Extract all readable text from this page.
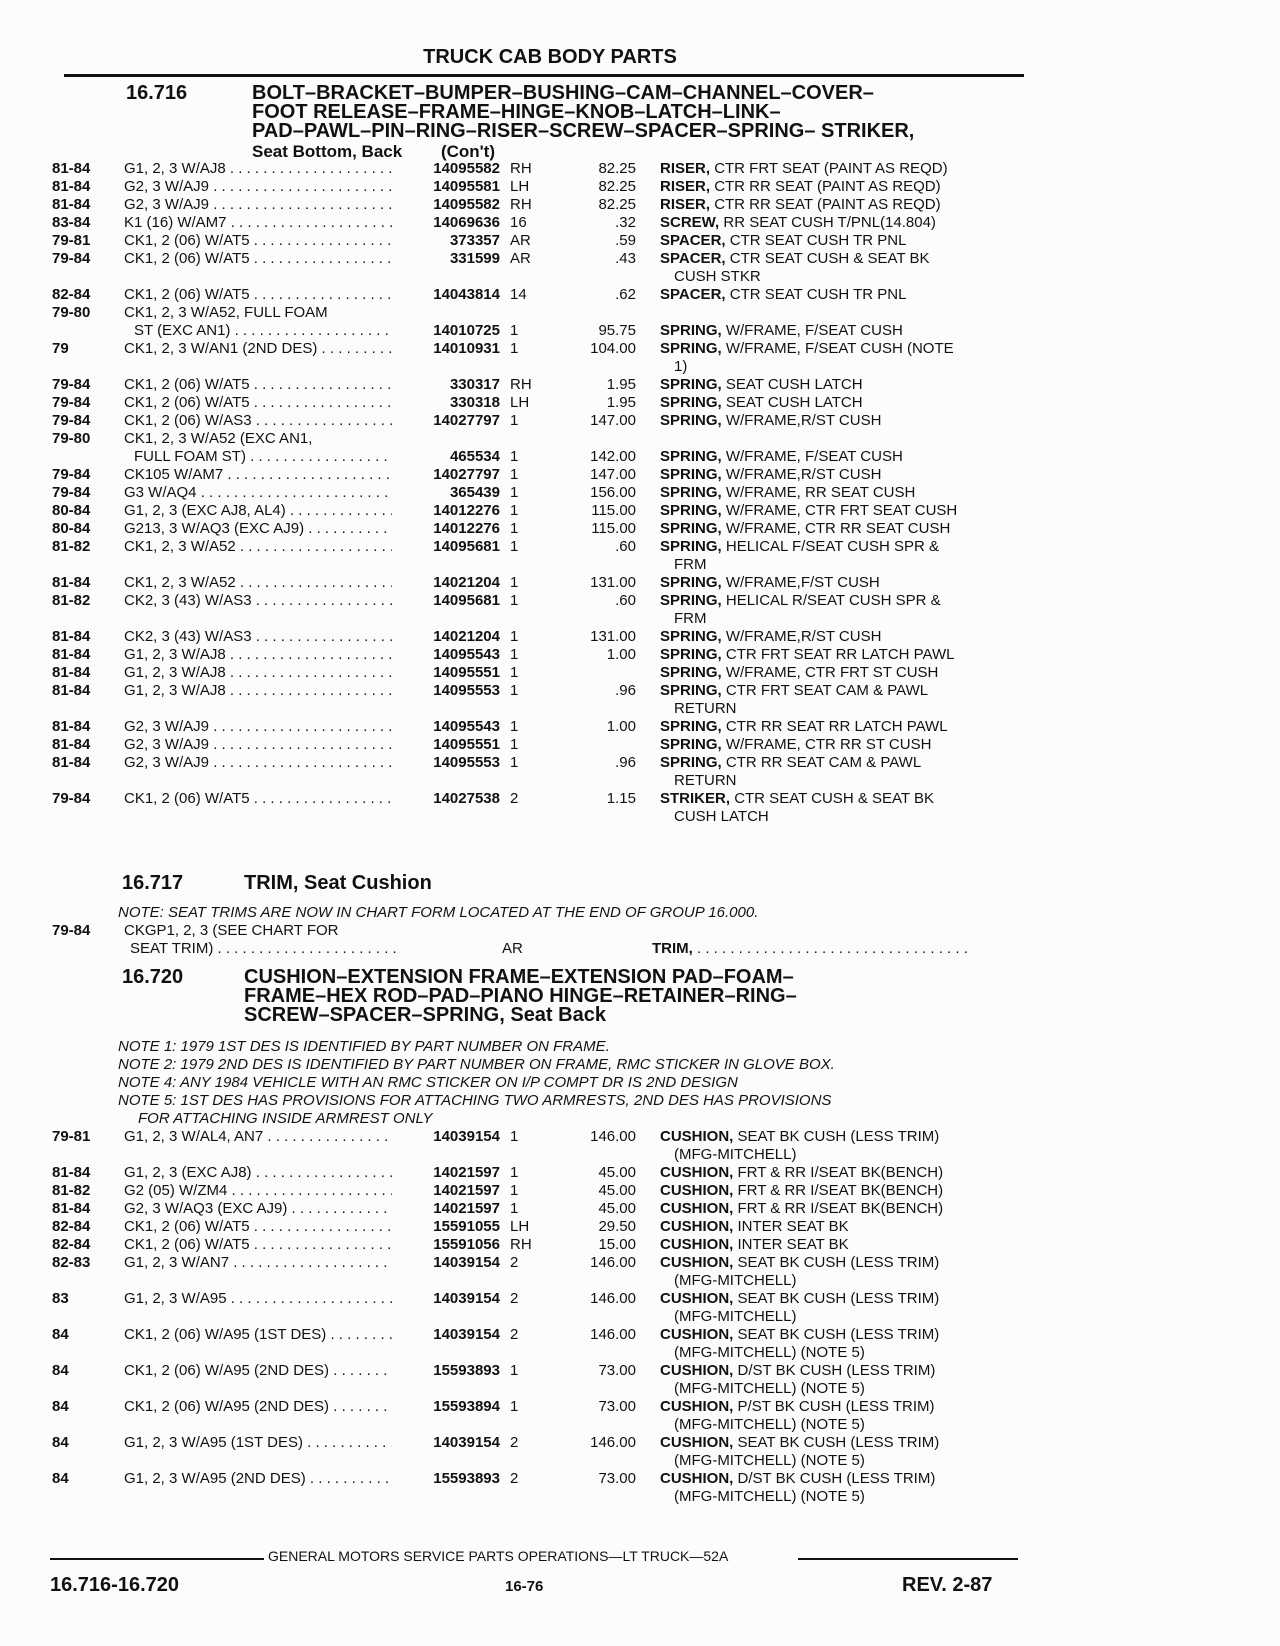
TRUCK CAB BODY PARTS
16.716	BOLT–BRACKET–BUMPER–BUSHING–CAM–CHANNEL–COVER–
FOOT RELEASE–FRAME–HINGE–KNOB–LATCH–LINK–
PAD–PAWL–PIN–RING–RISER–SCREW–SPACER–SPRING– STRIKER,
Seat Bottom, Back (Con't)
81-84	G1, 2, 3 W/AJ8 . . .	14095582 RH	82.25 RISER, CTR FRT SEAT (PAINT AS REQD)
81-84	G2, 3 W/AJ9 . . .	14095581 LH	82.25 RISER, CTR RR SEAT (PAINT AS REQD)
81-84	G2, 3 W/AJ9 . . .	14095582 RH	82.25 RISER, CTR RR SEAT (PAINT AS REQD)
83-84	K1 (16) W/AM7 . . .	14069636 16	.32 SCREW, RR SEAT CUSH T/PNL(14.804)
79-81	CK1, 2 (06) W/AT5 . . .	373357 AR	.59 SPACER, CTR SEAT CUSH TR PNL
79-84	CK1, 2 (06) W/AT5 . . .	331599 AR	.43 SPACER, CTR SEAT CUSH & SEAT BK
CUSH STKR
82-84	CK1, 2 (06) W/AT5 . . .	14043814 14	.62 SPACER, CTR SEAT CUSH TR PNL
79-80	CK1, 2, 3 W/A52, FULL FOAM
ST (EXC AN1) . . .	14010725 1	95.75 SPRING, W/FRAME, F/SEAT CUSH
79	CK1, 2, 3 W/AN1 (2ND DES) . . .	14010931 1	104.00 SPRING, W/FRAME, F/SEAT CUSH (NOTE
1)
79-84	CK1, 2 (06) W/AT5 . . .	330317 RH	1.95 SPRING, SEAT CUSH LATCH
79-84	CK1, 2 (06) W/AT5 . . .	330318 LH	1.95 SPRING, SEAT CUSH LATCH
79-84	CK1, 2 (06) W/AS3 . . .	14027797 1	147.00 SPRING, W/FRAME,R/ST CUSH
79-80	CK1, 2, 3 W/A52 (EXC AN1,
FULL FOAM ST) . . .	465534 1	142.00 SPRING, W/FRAME, F/SEAT CUSH
79-84	CK105 W/AM7 . . .	14027797 1	147.00 SPRING, W/FRAME,R/ST CUSH
79-84	G3 W/AQ4 . . .	365439 1	156.00 SPRING, W/FRAME, RR SEAT CUSH
80-84	G1, 2, 3 (EXC AJ8, AL4) . . .	14012276 1	115.00 SPRING, W/FRAME, CTR FRT SEAT CUSH
80-84	G213, 3 W/AQ3 (EXC AJ9) . . .	14012276 1	115.00 SPRING, W/FRAME, CTR RR SEAT CUSH
81-82	CK1, 2, 3 W/A52 . . .	14095681 1	.60 SPRING, HELICAL F/SEAT CUSH SPR &
FRM
81-84	CK1, 2, 3 W/A52 . . .	14021204 1	131.00 SPRING, W/FRAME,F/ST CUSH
81-82	CK2, 3 (43) W/AS3 . . .	14095681 1	.60 SPRING, HELICAL R/SEAT CUSH SPR &
FRM
81-84	CK2, 3 (43) W/AS3 . . .	14021204 1	131.00 SPRING, W/FRAME,R/ST CUSH
81-84	G1, 2, 3 W/AJ8 . . .	14095543 1	1.00 SPRING, CTR FRT SEAT RR LATCH PAWL
81-84	G1, 2, 3 W/AJ8 . . .	14095551 1	SPRING, W/FRAME, CTR FRT ST CUSH
81-84	G1, 2, 3 W/AJ8 . . .	14095553 1	.96 SPRING, CTR FRT SEAT CAM & PAWL
RETURN
81-84	G2, 3 W/AJ9 . . .	14095543 1	1.00 SPRING, CTR RR SEAT RR LATCH PAWL
81-84	G2, 3 W/AJ9 . . .	14095551 1	SPRING, W/FRAME, CTR RR ST CUSH
81-84	G2, 3 W/AJ9 . . .	14095553 1	.96 SPRING, CTR RR SEAT CAM & PAWL
RETURN
79-84	CK1, 2 (06) W/AT5 . . .	14027538 2	1.15 STRIKER, CTR SEAT CUSH & SEAT BK
CUSH LATCH
16.717	TRIM, Seat Cushion
NOTE: SEAT TRIMS ARE NOW IN CHART FORM LOCATED AT THE END OF GROUP 16.000.
79-84	CKGP1, 2, 3 (SEE CHART FOR
SEAT TRIM) . . .	AR	TRIM, . . . . . . . . . . . . . . . . . . . . . . . . . . . . . . . . .
16.720	CUSHION–EXTENSION FRAME–EXTENSION PAD–FOAM–
FRAME–HEX ROD–PAD–PIANO HINGE–RETAINER–RING–
SCREW–SPACER–SPRING, Seat Back
NOTE 1: 1979 1ST DES IS IDENTIFIED BY PART NUMBER ON FRAME.
NOTE 2: 1979 2ND DES IS IDENTIFIED BY PART NUMBER ON FRAME, RMC STICKER IN GLOVE BOX.
NOTE 4: ANY 1984 VEHICLE WITH AN RMC STICKER ON I/P COMPT DR IS 2ND DESIGN
NOTE 5: 1ST DES HAS PROVISIONS FOR ATTACHING TWO ARMRESTS, 2ND DES HAS PROVISIONS
FOR ATTACHING INSIDE ARMREST ONLY
79-81	G1, 2, 3 W/AL4, AN7 . . .	14039154 1	146.00 CUSHION, SEAT BK CUSH (LESS TRIM)
(MFG-MITCHELL)
81-84	G1, 2, 3 (EXC AJ8) . . .	14021597 1	45.00 CUSHION, FRT & RR I/SEAT BK(BENCH)
81-82	G2 (05) W/ZM4 . . .	14021597 1	45.00 CUSHION, FRT & RR I/SEAT BK(BENCH)
81-84	G2, 3 W/AQ3 (EXC AJ9) . . .	14021597 1	45.00 CUSHION, FRT & RR I/SEAT BK(BENCH)
82-84	CK1, 2 (06) W/AT5 . . .	15591055 LH	29.50 CUSHION, INTER SEAT BK
82-84	CK1, 2 (06) W/AT5 . . .	15591056 RH	15.00 CUSHION, INTER SEAT BK
82-83	G1, 2, 3 W/AN7 . . .	14039154 2	146.00 CUSHION, SEAT BK CUSH (LESS TRIM)
(MFG-MITCHELL)
83	G1, 2, 3 W/A95 . . .	14039154 2	146.00 CUSHION, SEAT BK CUSH (LESS TRIM)
(MFG-MITCHELL)
84	CK1, 2 (06) W/A95 (1ST DES) . . .	14039154 2	146.00 CUSHION, SEAT BK CUSH (LESS TRIM)
(MFG-MITCHELL) (NOTE 5)
84	CK1, 2 (06) W/A95 (2ND DES) . . .	15593893 1	73.00 CUSHION, D/ST BK CUSH (LESS TRIM)
(MFG-MITCHELL) (NOTE 5)
84	CK1, 2 (06) W/A95 (2ND DES) . . .	15593894 1	73.00 CUSHION, P/ST BK CUSH (LESS TRIM)
(MFG-MITCHELL) (NOTE 5)
84	G1, 2, 3 W/A95 (1ST DES) . . .	14039154 2	146.00 CUSHION, SEAT BK CUSH (LESS TRIM)
(MFG-MITCHELL) (NOTE 5)
84	G1, 2, 3 W/A95 (2ND DES) . . .	15593893 2	73.00 CUSHION, D/ST BK CUSH (LESS TRIM)
(MFG-MITCHELL) (NOTE 5)
GENERAL MOTORS SERVICE PARTS OPERATIONS—LT TRUCK—52A
16.716-16.720	16-76	REV. 2-87
